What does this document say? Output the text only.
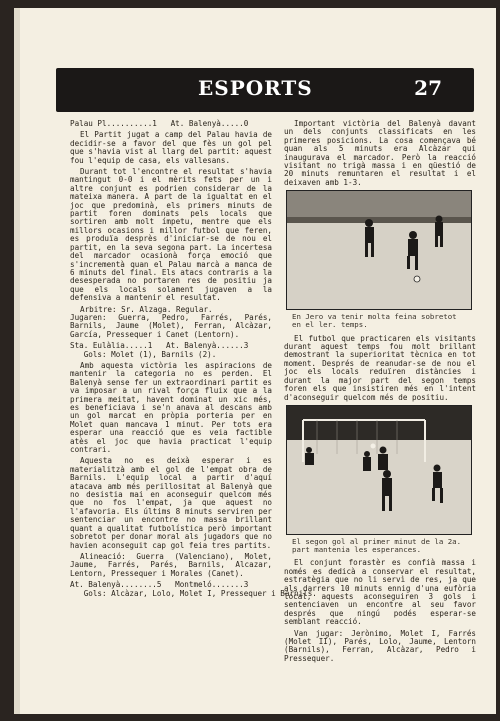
ESPORTS	27

Palau Pl..........1   At. Balenyà.....0

El Partit jugat a camp del Palau havia de decidir-se a favor del que fès un gol pel que s'havia vist al llarg del partit: aquest fou l'equip de casa, els vallesans.

Durant tot l'encontre el resultat s'havia mantingut 0-0 i el mèrits fets per un i altre conjunt es podrien considerar de la mateixa manera. A part de la igualtat en el joc que predominà, els primers minuts de partit foren dominats pels locals que sortiren amb molt ímpetu, mentre que els millors ocasions i millor futbol que feren, es produïa desprès d'iniciar-se de nou el partit, en la seva segona part. La incertesa del marcador ocasionà força emoció que s'incrementà quan el Palau marcà a manca de 6 minuts del final. Els atacs contraris a la desesperada no portaren res de positiu ja que els locals solament jugaven a la defensiva a mantenir el resultat.

Arbitre: Sr. Alzaga. Regular.
Jugaren: Guerra, Pedro, Farrés, Parés, Barnils, Jaume (Molet), Ferran, Alcàzar, García, Pressequer i Canet (Lentorn).

Sta. Eulàlia.....1   At. Balenyà......3
Gols: Molet (1), Barnils (2).

Amb aquesta victòria les aspiracions de mantenir la categoria no es perden. El Balenyà sense fer un extraordinari partit es va imposar a un rival força fluix que a la primera meitat, havent dominat un xic més, es beneficiava i se'n anava al descans amb un gol marcat en pròpia porteria per en Molet quan mancava 1 minut. Per tots era esperar una reacció que es veia factible atès el joc que havia practicat l'equip contrari.

Aquesta no es deixà esperar i es materialitzà amb el gol de l'empat obra de Barnils. L'equip local a partir d'aquí atacava amb més perillositat al Balenyà que no desistia mai en aconseguir quelcom més que no fos l'empat, ja que aquest no l'afavoria. Els últims 8 minuts serviren per sentenciar un encontre no massa brillant quant a qualitat futbolística però important sobretot per donar moral als jugadors que no havien aconseguit cap gol feia tres partits.

Alineació: Guerra (Valenciano), Molet, Jaume, Farrés, Parés, Barnils, Alcazar, Lentorn, Pressequer i Morales (Canet).

At. Balenyà........5   Montmeló.......3
Gols: Alcàzar, Lolo, Molet I, Pressequer i Barnils.

Important victòria del Balenyà davant un dels conjunts classificats en les primeres posicions. La cosa començava bé quan als 5 minuts era Alcàzar qui inaugurava el marcador. Però la reacció visitant no trigà massa i en qüestió de 20 minuts remuntaren el resultat i el deixaven amb 1-3.

En Jero va tenir molta feina sobretot
en el ler. temps.

El futbol que practicaren els visitants durant aquest temps fou molt brillant demostrant la superioritat tècnica en tot moment. Després de reanudar-se de nou el joc els locals reduïren distàncies i durant la major part del segon temps foren els que insistiren més en l'intent d'aconseguir quelcom més de positiu.

El segon gol al primer minut de la 2a.
part mantenia les esperances.

El conjunt forastèr es confià massa i només es dedicà a conservar el resultat, estratègia que no li servì de res, ja que als darrers 10 minuts ennig d'una eufòria local, aquests aconseguiren 3 gols i sentenciaven un encontre al seu favor després que ningú podés esperar-se semblant reacció.

Van jugar: Jerònimo, Molet I, Farrés (Molet II), Parés, Lolo, Jaume, Lentorn (Barnils), Ferran, Alcàzar, Pedro i Pressequer.
